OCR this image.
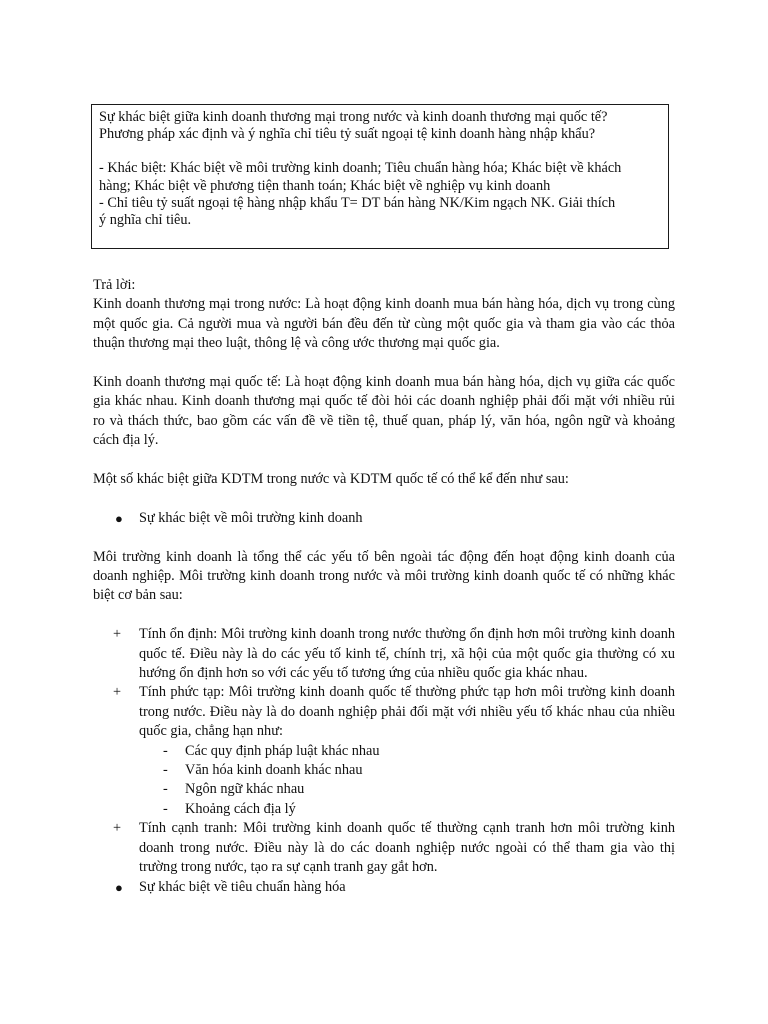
Sự khác biệt giữa kinh doanh thương mại trong nước và kinh doanh thương mại quốc tế?

Phương pháp xác định và ý nghĩa chỉ tiêu tỷ suất ngoại tệ kinh doanh hàng nhập khẩu?

- Khác biệt: Khác biệt về môi trường kinh doanh; Tiêu chuẩn hàng hóa; Khác biệt về khách

hàng; Khác biệt về phương tiện thanh toán; Khác biệt về nghiệp vụ kinh doanh

- Chỉ tiêu tỷ suất ngoại tệ hàng nhập khẩu T= DT bán hàng NK/Kim ngạch NK. Giải thích

ý nghĩa chỉ tiêu.

Trả lời:

Kinh doanh thương mại trong nước: Là hoạt động kinh doanh mua bán hàng hóa, dịch vụ trong cùng một quốc gia. Cả người mua và người bán đều đến từ cùng một quốc gia và tham gia vào các thỏa thuận thương mại theo luật, thông lệ và công ước thương mại quốc gia.

Kinh doanh thương mại quốc tế: Là hoạt động kinh doanh mua bán hàng hóa, dịch vụ giữa các quốc gia khác nhau. Kinh doanh thương mại quốc tế đòi hỏi các doanh nghiệp phải đối mặt với nhiều rủi ro và thách thức, bao gồm các vấn đề về tiền tệ, thuế quan, pháp lý, văn hóa, ngôn ngữ và khoảng cách địa lý.

Một số khác biệt giữa KDTM trong nước và KDTM quốc tế có thể kể đến như sau:

● Sự khác biệt về môi trường kinh doanh

Môi trường kinh doanh là tổng thể các yếu tố bên ngoài tác động đến hoạt động kinh doanh của doanh nghiệp. Môi trường kinh doanh trong nước và môi trường kinh doanh quốc tế có những khác biệt cơ bản sau:

+ Tính ổn định: Môi trường kinh doanh trong nước thường ổn định hơn môi trường kinh doanh quốc tế. Điều này là do các yếu tố kinh tế, chính trị, xã hội của một quốc gia thường có xu hướng ổn định hơn so với các yếu tố tương ứng của nhiều quốc gia khác nhau.

+ Tính phức tạp: Môi trường kinh doanh quốc tế thường phức tạp hơn môi trường kinh doanh trong nước. Điều này là do doanh nghiệp phải đối mặt với nhiều yếu tố khác nhau của nhiều quốc gia, chẳng hạn như:

- Các quy định pháp luật khác nhau

- Văn hóa kinh doanh khác nhau

- Ngôn ngữ khác nhau

- Khoảng cách địa lý

+ Tính cạnh tranh: Môi trường kinh doanh quốc tế thường cạnh tranh hơn môi trường kinh doanh trong nước. Điều này là do các doanh nghiệp nước ngoài có thể tham gia vào thị trường trong nước, tạo ra sự cạnh tranh gay gắt hơn.

● Sự khác biệt về tiêu chuẩn hàng hóa
